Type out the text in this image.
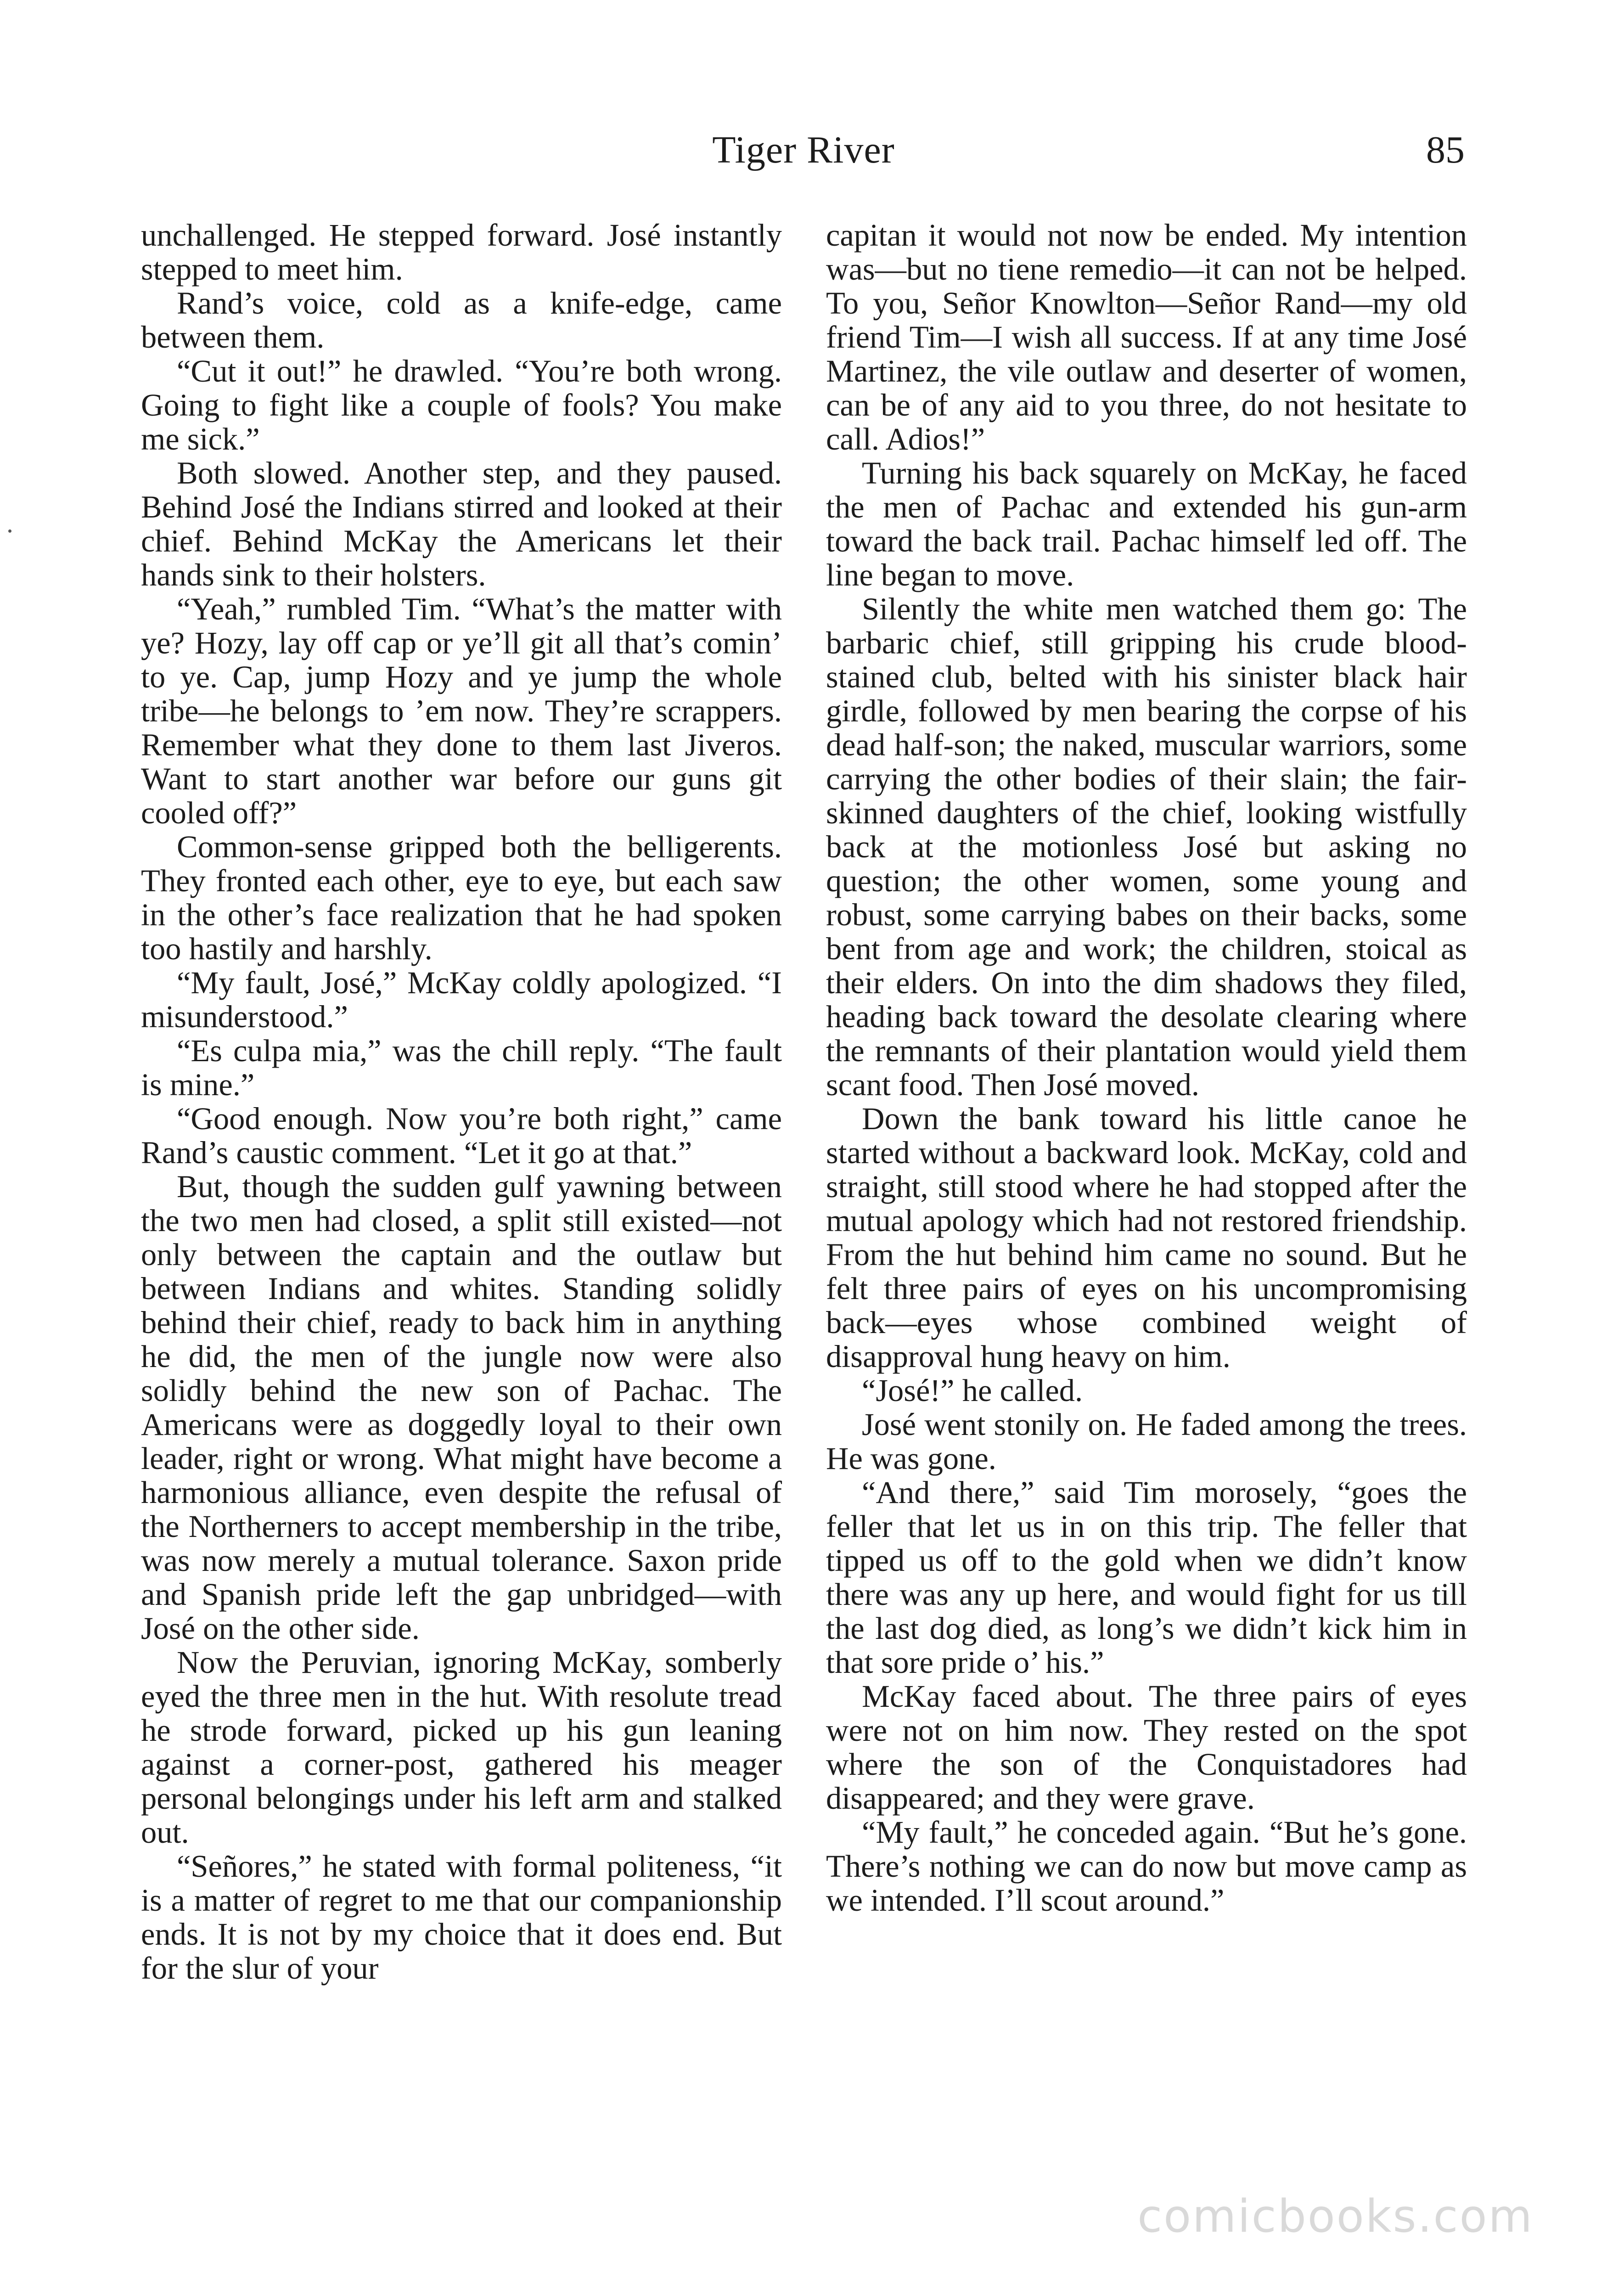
Tiger River	85

unchallenged. He stepped forward. José instantly stepped to meet him.

Rand’s voice, cold as a knife-edge, came between them.

“Cut it out!” he drawled. “You’re both wrong. Going to fight like a couple of fools? You make me sick.”

Both slowed. Another step, and they paused. Behind José the Indians stirred and looked at their chief. Behind McKay the Americans let their hands sink to their holsters.

“Yeah,” rumbled Tim. “What’s the matter with ye? Hozy, lay off cap or ye’ll git all that’s comin’ to ye. Cap, jump Hozy and ye jump the whole tribe—he belongs to ’em now. They’re scrappers. Remember what they done to them last Jiveros. Want to start another war before our guns git cooled off?”

Common-sense gripped both the belligerents. They fronted each other, eye to eye, but each saw in the other’s face realization that he had spoken too hastily and harshly.

“My fault, José,” McKay coldly apologized. “I misunderstood.”

“Es culpa mia,” was the chill reply. “The fault is mine.”

“Good enough. Now you’re both right,” came Rand’s caustic comment. “Let it go at that.”

But, though the sudden gulf yawning between the two men had closed, a split still existed—not only between the captain and the outlaw but between Indians and whites. Standing solidly behind their chief, ready to back him in anything he did, the men of the jungle now were also solidly behind the new son of Pachac. The Americans were as doggedly loyal to their own leader, right or wrong. What might have become a harmonious alliance, even despite the refusal of the Northerners to accept membership in the tribe, was now merely a mutual tolerance. Saxon pride and Spanish pride left the gap unbridged—with José on the other side.

Now the Peruvian, ignoring McKay, somberly eyed the three men in the hut. With resolute tread he strode forward, picked up his gun leaning against a corner-post, gathered his meager personal belongings under his left arm and stalked out.

“Señores,” he stated with formal politeness, “it is a matter of regret to me that our companionship ends. It is not by my choice that it does end. But for the slur of your

capitan it would not now be ended. My intention was—but no tiene remedio—it can not be helped. To you, Señor Knowlton—Señor Rand—my old friend Tim—I wish all success. If at any time José Martinez, the vile outlaw and deserter of women, can be of any aid to you three, do not hesitate to call. Adios!”

Turning his back squarely on McKay, he faced the men of Pachac and extended his gun-arm toward the back trail. Pachac himself led off. The line began to move.

Silently the white men watched them go: The barbaric chief, still gripping his crude blood-stained club, belted with his sinister black hair girdle, followed by men bearing the corpse of his dead half-son; the naked, muscular warriors, some carrying the other bodies of their slain; the fair-skinned daughters of the chief, looking wistfully back at the motionless José but asking no question; the other women, some young and robust, some carrying babes on their backs, some bent from age and work; the children, stoical as their elders. On into the dim shadows they filed, heading back toward the desolate clearing where the remnants of their plantation would yield them scant food. Then José moved.

Down the bank toward his little canoe he started without a backward look. McKay, cold and straight, still stood where he had stopped after the mutual apology which had not restored friendship. From the hut behind him came no sound. But he felt three pairs of eyes on his uncompromising back—eyes whose combined weight of disapproval hung heavy on him.

“José!” he called.

José went stonily on. He faded among the trees. He was gone.

“And there,” said Tim morosely, “goes the feller that let us in on this trip. The feller that tipped us off to the gold when we didn’t know there was any up here, and would fight for us till the last dog died, as long’s we didn’t kick him in that sore pride o’ his.”

McKay faced about. The three pairs of eyes were not on him now. They rested on the spot where the son of the Conquistadores had disappeared; and they were grave.

“My fault,” he conceded again. “But he’s gone. There’s nothing we can do now but move camp as we intended. I’ll scout around.”

comicbooks.com
